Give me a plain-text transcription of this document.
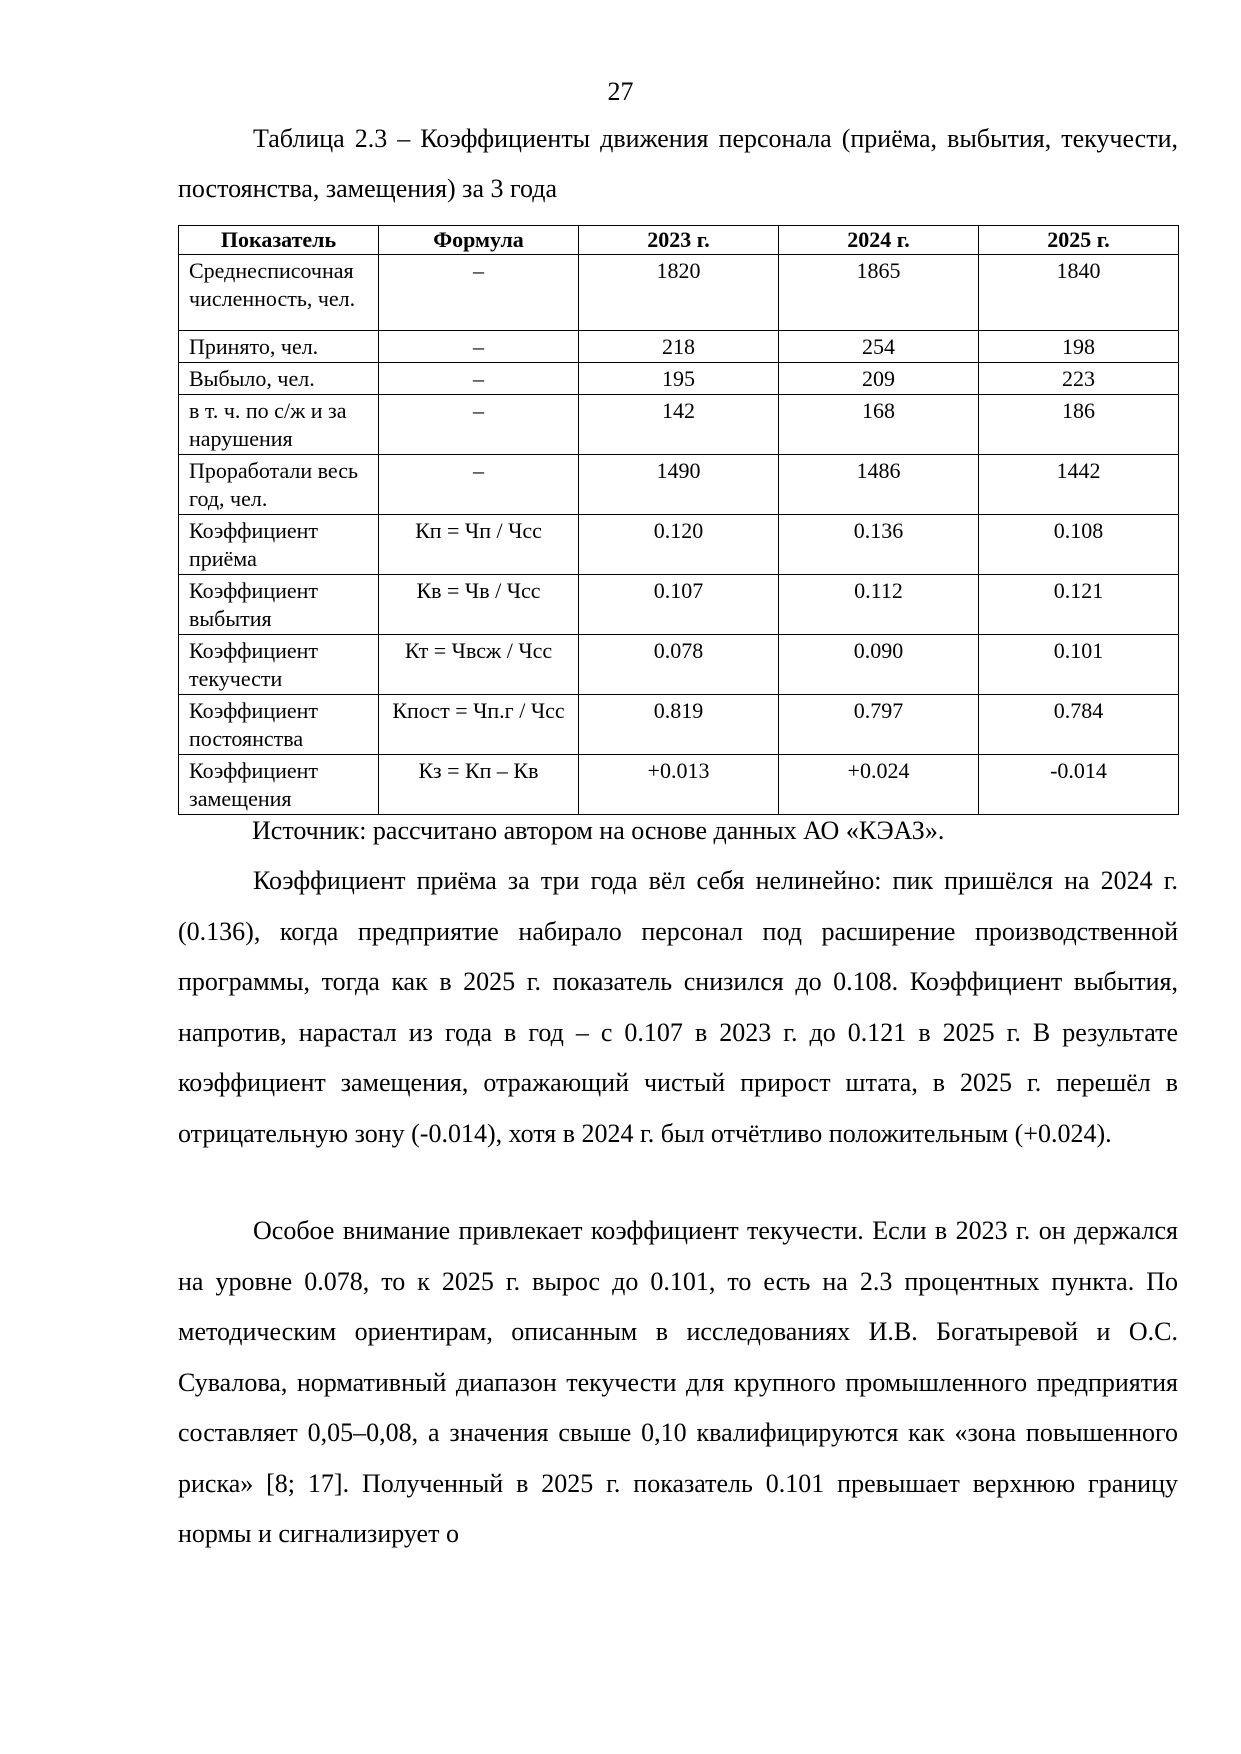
27

Таблица 2.3 – Коэффициенты движения персонала (приёма, выбытия, текучести, постоянства, замещения) за 3 года

Показатель	Формула	2023 г.	2024 г.	2025 г.
Среднесписочная численность, чел.	–	1820	1865	1840
Принято, чел.	–	218	254	198
Выбыло, чел.	–	195	209	223
в т. ч. по с/ж и за нарушения	–	142	168	186
Проработали весь год, чел.	–	1490	1486	1442
Коэффициент приёма	Кп = Чп / Чсс	0.120	0.136	0.108
Коэффициент выбытия	Кв = Чв / Чсс	0.107	0.112	0.121
Коэффициент текучести	Кт = Чвсж / Чсс	0.078	0.090	0.101
Коэффициент постоянства	Кпост = Чп.г / Чсс	0.819	0.797	0.784
Коэффициент замещения	Кз = Кп – Кв	+0.013	+0.024	-0.014

Источник: рассчитано автором на основе данных АО «КЭАЗ».

Коэффициент приёма за три года вёл себя нелинейно: пик пришёлся на 2024 г. (0.136), когда предприятие набирало персонал под расширение производственной программы, тогда как в 2025 г. показатель снизился до 0.108. Коэффициент выбытия, напротив, нарастал из года в год – с 0.107 в 2023 г. до 0.121 в 2025 г. В результате коэффициент замещения, отражающий чистый прирост штата, в 2025 г. перешёл в отрицательную зону (-0.014), хотя в 2024 г. был отчётливо положительным (+0.024).

Особое внимание привлекает коэффициент текучести. Если в 2023 г. он держался на уровне 0.078, то к 2025 г. вырос до 0.101, то есть на 2.3 процентных пункта. По методическим ориентирам, описанным в исследованиях И.В. Богатыревой и О.С. Сувалова, нормативный диапазон текучести для крупного промышленного предприятия составляет 0,05–0,08, а значения свыше 0,10 квалифицируются как «зона повышенного риска» [8; 17]. Полученный в 2025 г. показатель 0.101 превышает верхнюю границу нормы и сигнализирует о
